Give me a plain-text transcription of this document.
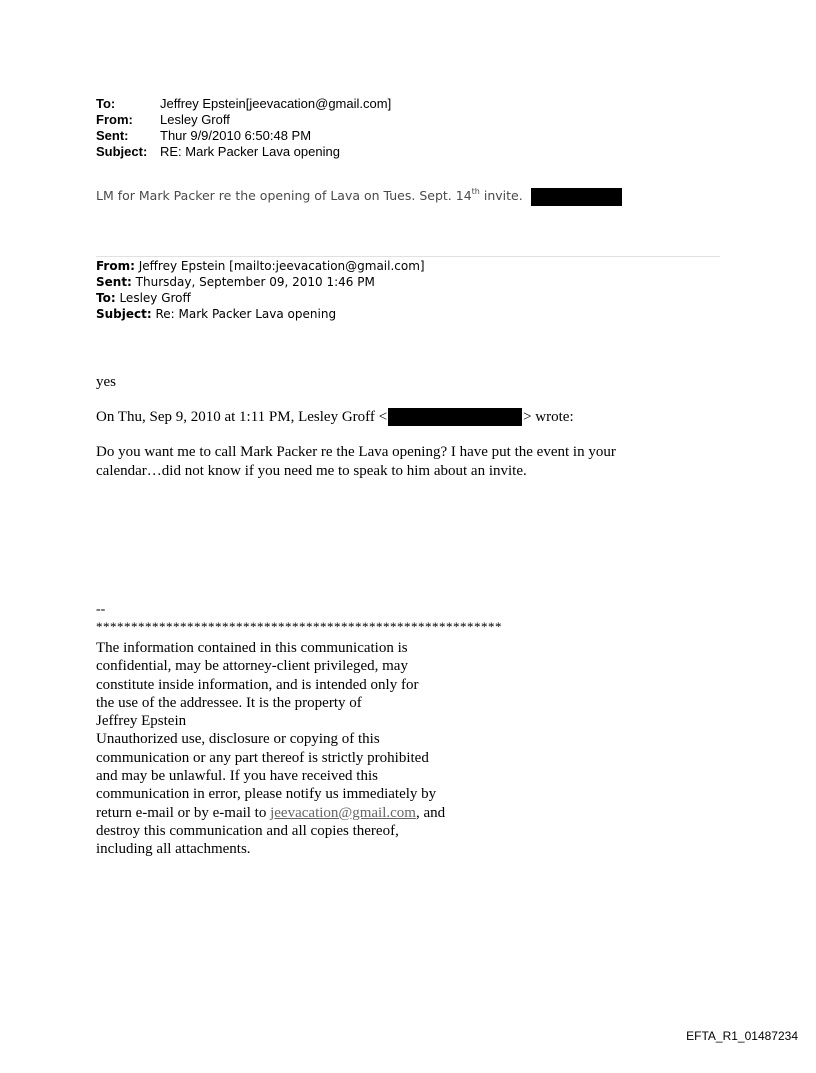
To:	Jeffrey Epstein[jeevacation@gmail.com]
From:	Lesley Groff
Sent:	Thur 9/9/2010 6:50:48 PM
Subject: RE: Mark Packer Lava opening
LM for Mark Packer re the opening of Lava on Tues. Sept. 14th invite.
From: Jeffrey Epstein [mailto:jeevacation@gmail.com]
Sent: Thursday, September 09, 2010 1:46 PM
To: Lesley Groff
Subject: Re: Mark Packer Lava opening
yes
On Thu, Sep 9, 2010 at 1:11 PM, Lesley Groff <	> wrote:

Do you want me to call Mark Packer re the Lava opening? I have put the event in your

calendar…did not know if you need me to speak to him about an invite.

--
**********************************************************

The information contained in this communication is

confidential, may be attorney-client privileged, may

constitute inside information, and is intended only for

the use of the addressee. It is the property of

Jeffrey Epstein

Unauthorized use, disclosure or copying of this

communication or any part thereof is strictly prohibited

and may be unlawful. If you have received this

communication in error, please notify us immediately by

return e-mail or by e-mail to jeevacation@gmail.com, and

destroy this communication and all copies thereof,

including all attachments.

EFTA_R1_01487234
